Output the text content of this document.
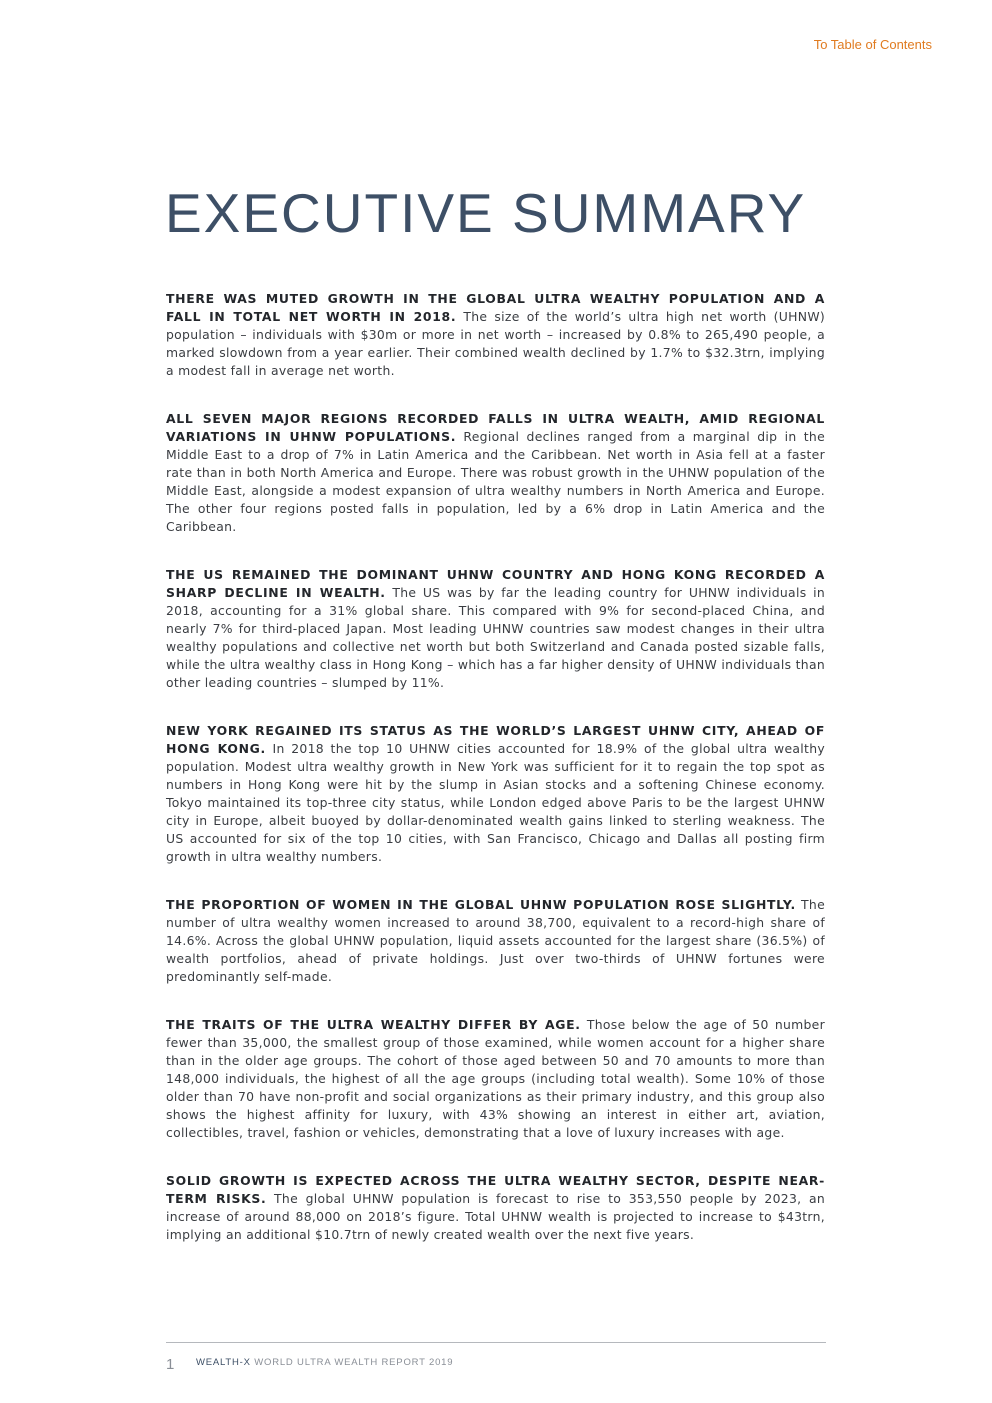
To Table of Contents
EXECUTIVE SUMMARY

THERE WAS MUTED GROWTH IN THE GLOBAL ULTRA WEALTHY POPULATION AND A FALL IN TOTAL NET WORTH IN 2018. The size of the world’s ultra high net worth (UHNW) population – individuals with $30m or more in net worth – increased by 0.8% to 265,490 people, a marked slowdown from a year earlier. Their combined wealth declined by 1.7% to $32.3trn, implying a modest fall in average net worth.

ALL SEVEN MAJOR REGIONS RECORDED FALLS IN ULTRA WEALTH, AMID REGIONAL VARIATIONS IN UHNW POPULATIONS. Regional declines ranged from a marginal dip in the Middle East to a drop of 7% in Latin America and the Caribbean. Net worth in Asia fell at a faster rate than in both North America and Europe. There was robust growth in the UHNW population of the Middle East, alongside a modest expansion of ultra wealthy numbers in North America and Europe. The other four regions posted falls in population, led by a 6% drop in Latin America and the Caribbean.

THE US REMAINED THE DOMINANT UHNW COUNTRY AND HONG KONG RECORDED A SHARP DECLINE IN WEALTH. The US was by far the leading country for UHNW individuals in 2018, accounting for a 31% global share. This compared with 9% for second-placed China, and nearly 7% for third-placed Japan. Most leading UHNW countries saw modest changes in their ultra wealthy populations and collective net worth but both Switzerland and Canada posted sizable falls, while the ultra wealthy class in Hong Kong – which has a far higher density of UHNW individuals than other leading countries – slumped by 11%.

NEW YORK REGAINED ITS STATUS AS THE WORLD’S LARGEST UHNW CITY, AHEAD OF HONG KONG. In 2018 the top 10 UHNW cities accounted for 18.9% of the global ultra wealthy population. Modest ultra wealthy growth in New York was sufficient for it to regain the top spot as numbers in Hong Kong were hit by the slump in Asian stocks and a softening Chinese economy. Tokyo maintained its top-three city status, while London edged above Paris to be the largest UHNW city in Europe, albeit buoyed by dollar-denominated wealth gains linked to sterling weakness. The US accounted for six of the top 10 cities, with San Francisco, Chicago and Dallas all posting firm growth in ultra wealthy numbers.

THE PROPORTION OF WOMEN IN THE GLOBAL UHNW POPULATION ROSE SLIGHTLY. The number of ultra wealthy women increased to around 38,700, equivalent to a record-high share of 14.6%. Across the global UHNW population, liquid assets accounted for the largest share (36.5%) of wealth portfolios, ahead of private holdings. Just over two-thirds of UHNW fortunes were predominantly self-made.

THE TRAITS OF THE ULTRA WEALTHY DIFFER BY AGE. Those below the age of 50 number fewer than 35,000, the smallest group of those examined, while women account for a higher share than in the older age groups. The cohort of those aged between 50 and 70 amounts to more than 148,000 individuals, the highest of all the age groups (including total wealth). Some 10% of those older than 70 have non-profit and social organizations as their primary industry, and this group also shows the highest affinity for luxury, with 43% showing an interest in either art, aviation, collectibles, travel, fashion or vehicles, demonstrating that a love of luxury increases with age.

SOLID GROWTH IS EXPECTED ACROSS THE ULTRA WEALTHY SECTOR, DESPITE NEAR-TERM RISKS. The global UHNW population is forecast to rise to 353,550 people by 2023, an increase of around 88,000 on 2018’s figure. Total UHNW wealth is projected to increase to $43trn, implying an additional $10.7trn of newly created wealth over the next five years.

1 WEALTH-X WORLD ULTRA WEALTH REPORT 2019
